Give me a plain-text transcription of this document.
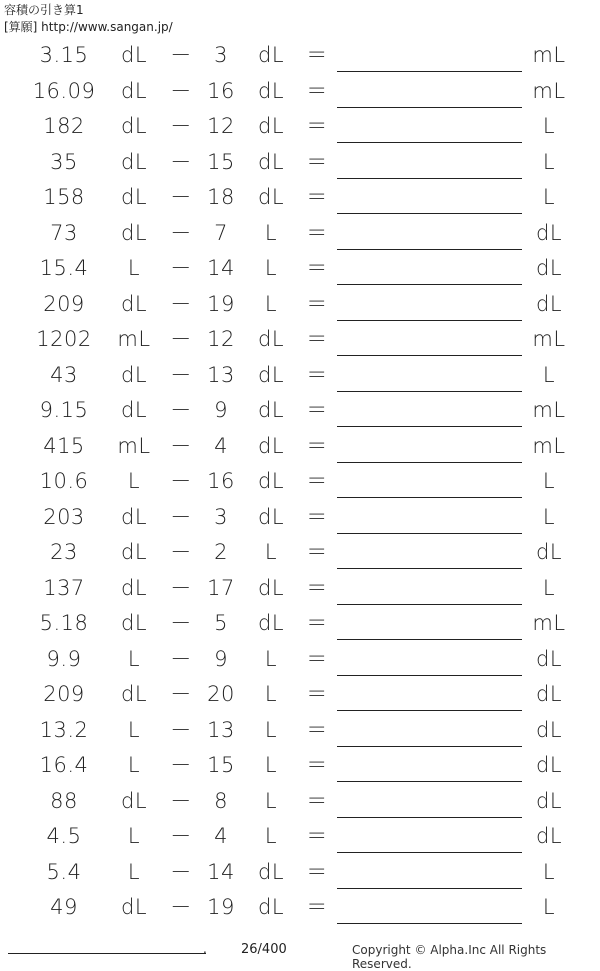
容積の引き算1
[算願] http://www.sangan.jp/
3.15	dL	－	3	dL	＝	mL
16.09	dL	－ 16	dL	＝	mL
182	dL	－ 12	dL	＝	L
35	dL	－ 15	dL	＝	L
158	dL	－ 18	dL	＝	L
73	dL	－	7	L	＝	dL
15.4	L	－ 14	L	＝	dL
209	dL	－ 19	L	＝	dL
1202	mL － 12	dL	＝	mL
43	dL	－ 13	dL	＝	L
9.15	dL	－	9	dL	＝	mL
415	mL －	4	dL	＝	mL
10.6	L	－ 16	dL	＝	L
203	dL	－	3	dL	＝	L
23	dL	－	2	L	＝	dL
137	dL	－ 17	dL	＝	L
5.18	dL	－	5	dL	＝	mL
9.9	L	－	9	L	＝	dL
209	dL	－ 20	L	＝	dL
13.2	L	－ 13	L	＝	dL
16.4	L	－ 15	L	＝	dL
88	dL	－	8	L	＝	dL
4.5	L	－	4	L	＝	dL
5.4	L	－ 14	dL	＝	L
49	dL	－ 19	dL	＝	L
.	26/400	Copyright © Alpha.Inc All Rights Reserved.
